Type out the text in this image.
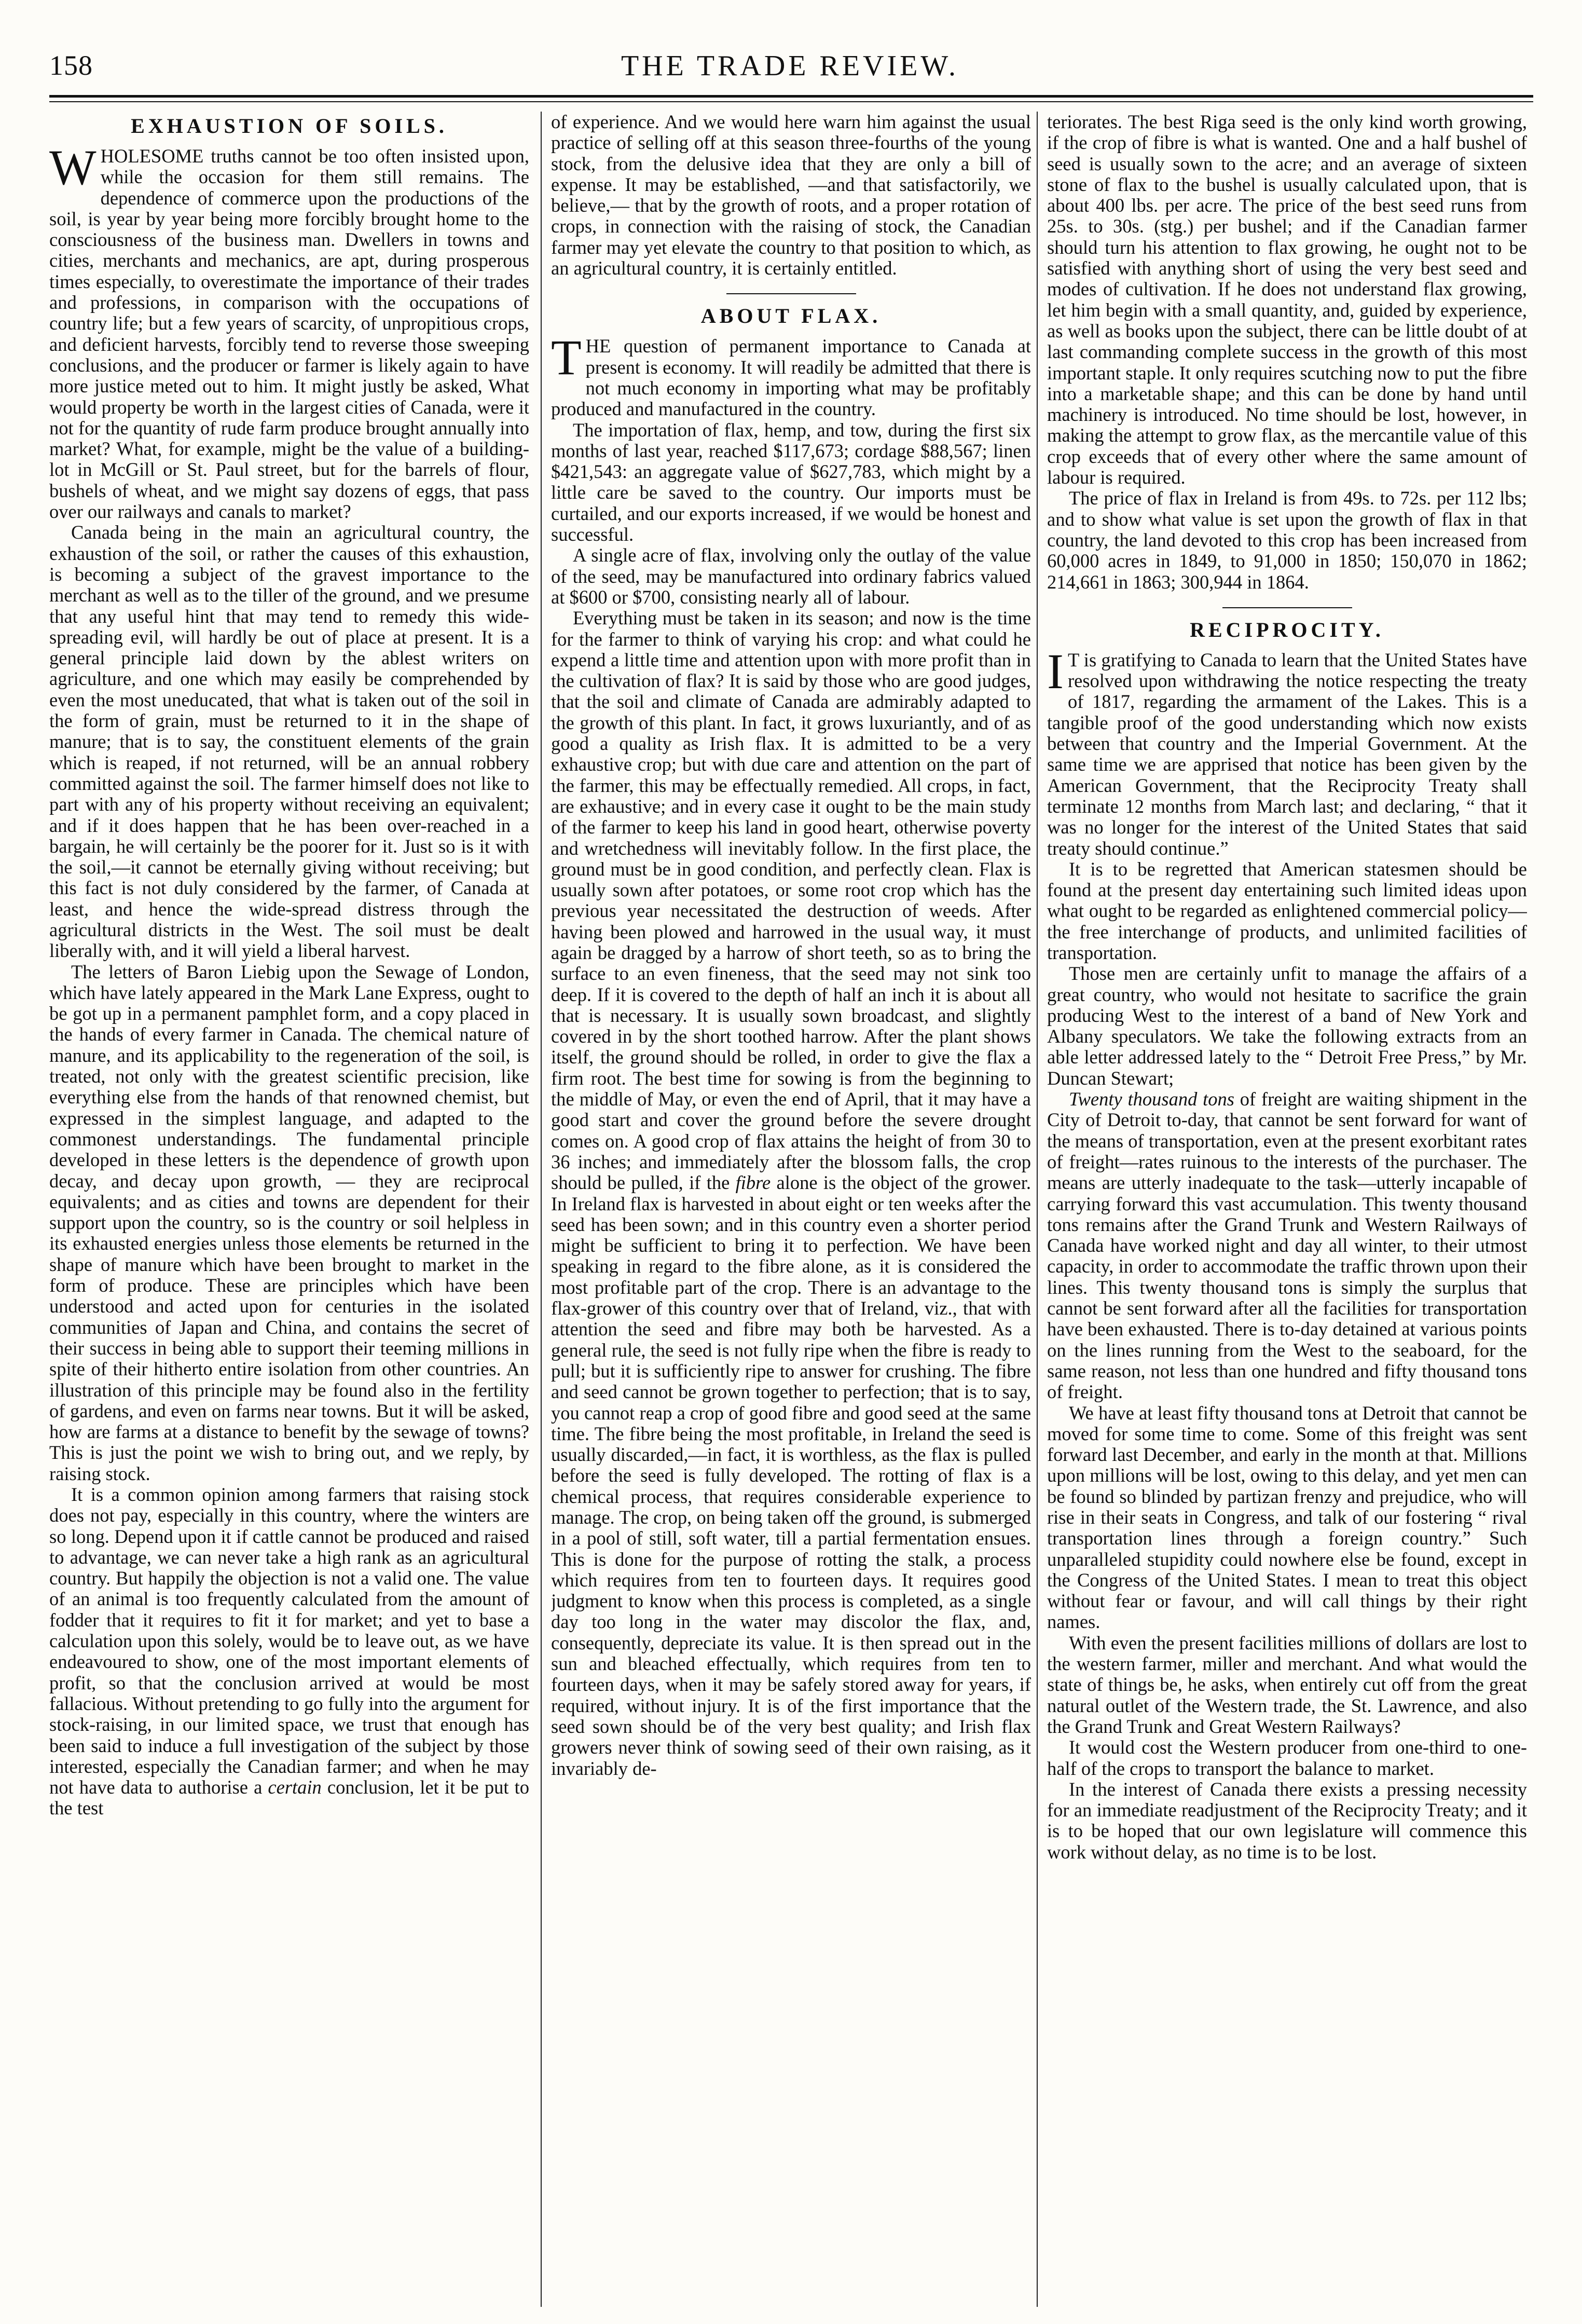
THE TRADE REVIEW.
158
EXHAUSTION OF SOILS.

WHOLESOME truths cannot be too often insisted upon, while the occasion for them still remains. The dependence of commerce upon the productions of the soil, is year by year being more forcibly brought home to the consciousness of the business man. Dwellers in towns and cities, merchants and mechanics, are apt, during prosperous times especially, to overestimate the importance of their trades and professions, in comparison with the occupations of country life; but a few years of scarcity, of unpropitious crops, and deficient harvests, forcibly tend to reverse those sweeping conclusions, and the producer or farmer is likely again to have more justice meted out to him. It might justly be asked, What would property be worth in the largest cities of Canada, were it not for the quantity of rude farm produce brought annually into market? What, for example, might be the value of a building-lot in McGill or St. Paul street, but for the barrels of flour, bushels of wheat, and we might say dozens of eggs, that pass over our railways and canals to market?

Canada being in the main an agricultural country, the exhaustion of the soil, or rather the causes of this exhaustion, is becoming a subject of the gravest importance to the merchant as well as to the tiller of the ground, and we presume that any useful hint that may tend to remedy this wide-spreading evil, will hardly be out of place at present. It is a general principle laid down by the ablest writers on agriculture, and one which may easily be comprehended by even the most uneducated, that what is taken out of the soil in the form of grain, must be returned to it in the shape of manure; that is to say, the constituent elements of the grain which is reaped, if not returned, will be an annual robbery committed against the soil. The farmer himself does not like to part with any of his property without receiving an equivalent; and if it does happen that he has been over-reached in a bargain, he will certainly be the poorer for it. Just so is it with the soil,—it cannot be eternally giving without receiving; but this fact is not duly considered by the farmer, of Canada at least, and hence the wide-spread distress through the agricultural districts in the West. The soil must be dealt liberally with, and it will yield a liberal harvest.

The letters of Baron Liebig upon the Sewage of London, which have lately appeared in the Mark Lane Express, ought to be got up in a permanent pamphlet form, and a copy placed in the hands of every farmer in Canada. The chemical nature of manure, and its applicability to the regeneration of the soil, is treated, not only with the greatest scientific precision, like everything else from the hands of that renowned chemist, but expressed in the simplest language, and adapted to the commonest understandings. The fundamental principle developed in these letters is the dependence of growth upon decay, and decay upon growth, — they are reciprocal equivalents; and as cities and towns are dependent for their support upon the country, so is the country or soil helpless in its exhausted energies unless those elements be returned in the shape of manure which have been brought to market in the form of produce. These are principles which have been understood and acted upon for centuries in the isolated communities of Japan and China, and contains the secret of their success in being able to support their teeming millions in spite of their hitherto entire isolation from other countries. An illustration of this principle may be found also in the fertility of gardens, and even on farms near towns. But it will be asked, how are farms at a distance to benefit by the sewage of towns? This is just the point we wish to bring out, and we reply, by raising stock.

It is a common opinion among farmers that raising stock does not pay, especially in this country, where the winters are so long. Depend upon it if cattle cannot be produced and raised to advantage, we can never take a high rank as an agricultural country. But happily the objection is not a valid one. The value of an animal is too frequently calculated from the amount of fodder that it requires to fit it for market; and yet to base a calculation upon this solely, would be to leave out, as we have endeavoured to show, one of the most important elements of profit, so that the conclusion arrived at would be most fallacious. Without pretending to go fully into the argument for stock-raising, in our limited space, we trust that enough has been said to induce a full investigation of the subject by those interested, especially the Canadian farmer; and when he may not have data to authorise a certain conclusion, let it be put to the test

of experience. And we would here warn him against the usual practice of selling off at this season three-fourths of the young stock, from the delusive idea that they are only a bill of expense. It may be established, —and that satisfactorily, we believe,— that by the growth of roots, and a proper rotation of crops, in connection with the raising of stock, the Canadian farmer may yet elevate the country to that position to which, as an agricultural country, it is certainly entitled.

ABOUT FLAX.

THE question of permanent importance to Canada at present is economy. It will readily be admitted that there is not much economy in importing what may be profitably produced and manufactured in the country.

The importation of flax, hemp, and tow, during the first six months of last year, reached $117,673; cordage $88,567; linen $421,543: an aggregate value of $627,783, which might by a little care be saved to the country. Our imports must be curtailed, and our exports increased, if we would be honest and successful.

A single acre of flax, involving only the outlay of the value of the seed, may be manufactured into ordinary fabrics valued at $600 or $700, consisting nearly all of labour.

Everything must be taken in its season; and now is the time for the farmer to think of varying his crop: and what could he expend a little time and attention upon with more profit than in the cultivation of flax? It is said by those who are good judges, that the soil and climate of Canada are admirably adapted to the growth of this plant. In fact, it grows luxuriantly, and of as good a quality as Irish flax. It is admitted to be a very exhaustive crop; but with due care and attention on the part of the farmer, this may be effectually remedied. All crops, in fact, are exhaustive; and in every case it ought to be the main study of the farmer to keep his land in good heart, otherwise poverty and wretchedness will inevitably follow. In the first place, the ground must be in good condition, and perfectly clean. Flax is usually sown after potatoes, or some root crop which has the previous year necessitated the destruction of weeds. After having been plowed and harrowed in the usual way, it must again be dragged by a harrow of short teeth, so as to bring the surface to an even fineness, that the seed may not sink too deep. If it is covered to the depth of half an inch it is about all that is necessary. It is usually sown broadcast, and slightly covered in by the short toothed harrow. After the plant shows itself, the ground should be rolled, in order to give the flax a firm root. The best time for sowing is from the beginning to the middle of May, or even the end of April, that it may have a good start and cover the ground before the severe drought comes on. A good crop of flax attains the height of from 30 to 36 inches; and immediately after the blossom falls, the crop should be pulled, if the fibre alone is the object of the grower. In Ireland flax is harvested in about eight or ten weeks after the seed has been sown; and in this country even a shorter period might be sufficient to bring it to perfection. We have been speaking in regard to the fibre alone, as it is considered the most profitable part of the crop. There is an advantage to the flax-grower of this country over that of Ireland, viz., that with attention the seed and fibre may both be harvested. As a general rule, the seed is not fully ripe when the fibre is ready to pull; but it is sufficiently ripe to answer for crushing. The fibre and seed cannot be grown together to perfection; that is to say, you cannot reap a crop of good fibre and good seed at the same time. The fibre being the most profitable, in Ireland the seed is usually discarded,—in fact, it is worthless, as the flax is pulled before the seed is fully developed. The rotting of flax is a chemical process, that requires considerable experience to manage. The crop, on being taken off the ground, is submerged in a pool of still, soft water, till a partial fermentation ensues. This is done for the purpose of rotting the stalk, a process which requires from ten to fourteen days. It requires good judgment to know when this process is completed, as a single day too long in the water may discolor the flax, and, consequently, depreciate its value. It is then spread out in the sun and bleached effectually, which requires from ten to fourteen days, when it may be safely stored away for years, if required, without injury. It is of the first importance that the seed sown should be of the very best quality; and Irish flax growers never think of sowing seed of their own raising, as it invariably de-

teriorates. The best Riga seed is the only kind worth growing, if the crop of fibre is what is wanted. One and a half bushel of seed is usually sown to the acre; and an average of sixteen stone of flax to the bushel is usually calculated upon, that is about 400 lbs. per acre. The price of the best seed runs from 25s. to 30s. (stg.) per bushel; and if the Canadian farmer should turn his attention to flax growing, he ought not to be satisfied with anything short of using the very best seed and modes of cultivation. If he does not understand flax growing, let him begin with a small quantity, and, guided by experience, as well as books upon the subject, there can be little doubt of at last commanding complete success in the growth of this most important staple. It only requires scutching now to put the fibre into a marketable shape; and this can be done by hand until machinery is introduced. No time should be lost, however, in making the attempt to grow flax, as the mercantile value of this crop exceeds that of every other where the same amount of labour is required.

The price of flax in Ireland is from 49s. to 72s. per 112 lbs; and to show what value is set upon the growth of flax in that country, the land devoted to this crop has been increased from 60,000 acres in 1849, to 91,000 in 1850; 150,070 in 1862; 214,661 in 1863; 300,944 in 1864.

RECIPROCITY.

I T is gratifying to Canada to learn that the United States have resolved upon withdrawing the notice respecting the treaty of 1817, regarding the armament of the Lakes. This is a tangible proof of the good understanding which now exists between that country and the Imperial Government. At the same time we are apprised that notice has been given by the American Government, that the Reciprocity Treaty shall terminate 12 months from March last; and declaring, “ that it was no longer for the interest of the United States that said treaty should continue.”

It is to be regretted that American statesmen should be found at the present day entertaining such limited ideas upon what ought to be regarded as enlightened commercial policy—the free interchange of products, and unlimited facilities of transportation.

Those men are certainly unfit to manage the affairs of a great country, who would not hesitate to sacrifice the grain producing West to the interest of a band of New York and Albany speculators. We take the following extracts from an able letter addressed lately to the “ Detroit Free Press,” by Mr. Duncan Stewart;

Twenty thousand tons of freight are waiting shipment in the City of Detroit to-day, that cannot be sent forward for want of the means of transportation, even at the present exorbitant rates of freight—rates ruinous to the interests of the purchaser. The means are utterly inadequate to the task—utterly incapable of carrying forward this vast accumulation. This twenty thousand tons remains after the Grand Trunk and Western Railways of Canada have worked night and day all winter, to their utmost capacity, in order to accommodate the traffic thrown upon their lines. This twenty thousand tons is simply the surplus that cannot be sent forward after all the facilities for transportation have been exhausted. There is to-day detained at various points on the lines running from the West to the seaboard, for the same reason, not less than one hundred and fifty thousand tons of freight.

We have at least fifty thousand tons at Detroit that cannot be moved for some time to come. Some of this freight was sent forward last December, and early in the month at that. Millions upon millions will be lost, owing to this delay, and yet men can be found so blinded by partizan frenzy and prejudice, who will rise in their seats in Congress, and talk of our fostering “ rival transportation lines through a foreign country.” Such unparalleled stupidity could nowhere else be found, except in the Congress of the United States. I mean to treat this object without fear or favour, and will call things by their right names.

With even the present facilities millions of dollars are lost to the western farmer, miller and merchant. And what would the state of things be, he asks, when entirely cut off from the great natural outlet of the Western trade, the St. Lawrence, and also the Grand Trunk and Great Western Railways?

It would cost the Western producer from one-third to one-half of the crops to transport the balance to market.

In the interest of Canada there exists a pressing necessity for an immediate readjustment of the Reciprocity Treaty; and it is to be hoped that our own legislature will commence this work without delay, as no time is to be lost.
